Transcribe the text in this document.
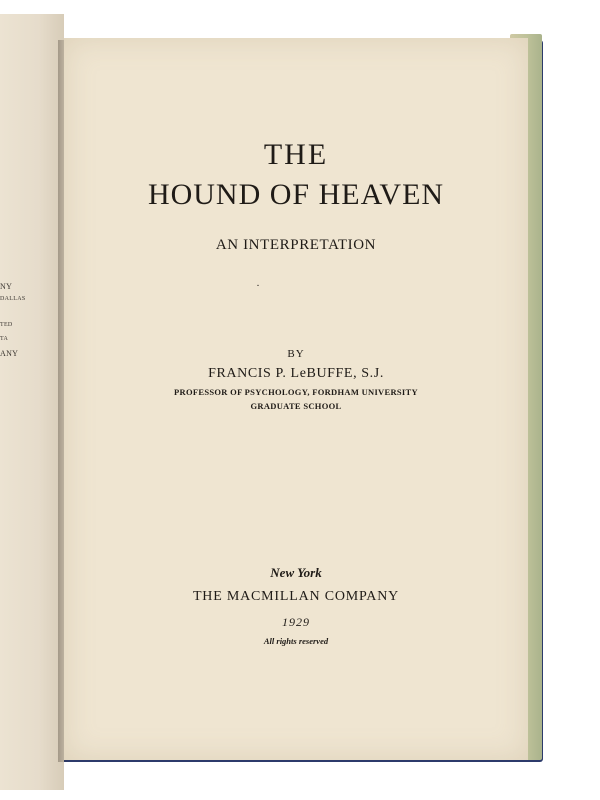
NY
DALLAS
TED
TA
ANY
THE
HOUND OF HEAVEN
AN INTERPRETATION
.
BY
FRANCIS P. LeBUFFE, S.J.
PROFESSOR OF PSYCHOLOGY, FORDHAM UNIVERSITY
GRADUATE SCHOOL
New York
THE MACMILLAN COMPANY
1929
All rights reserved
